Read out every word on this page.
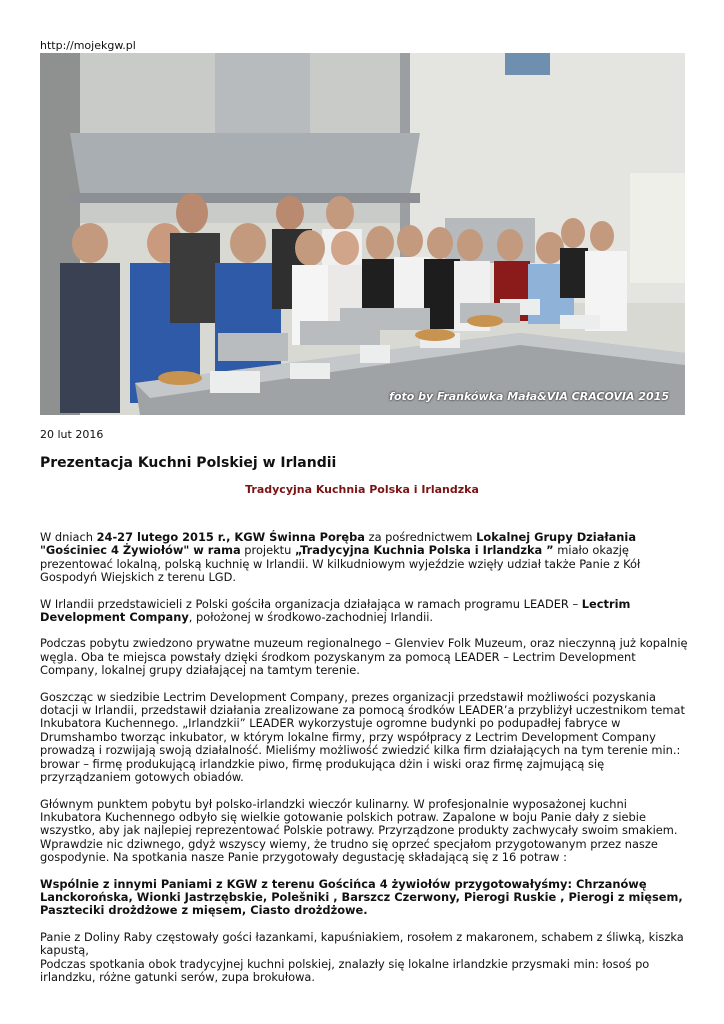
http://mojekgw.pl
foto by Frankówka Mała&VIA CRACOVIA 2015
20 lut 2016
Prezentacja Kuchni Polskiej w Irlandii
Tradycyjna Kuchnia Polska i Irlandzka

W dniach 24-27 lutego 2015 r., KGW Świnna Poręba za pośrednictwem Lokalnej Grupy Działania "Gościniec 4 Żywiołów" w rama projektu „Tradycyjna Kuchnia Polska i Irlandzka ” miało okazję prezentować lokalną, polską kuchnię w Irlandii. W kilkudniowym wyjeździe wzięły udział także Panie z Kół Gospodyń Wiejskich z terenu LGD.

W Irlandii przedstawicieli z Polski gościła organizacja działająca w ramach programu LEADER – Lectrim Development Company, położonej w środkowo-zachodniej Irlandii.

Podczas pobytu zwiedzono prywatne muzeum regionalnego – Glenviev Folk Muzeum, oraz nieczynną już kopalnię węgla. Oba te miejsca powstały dzięki środkom pozyskanym za pomocą LEADER – Lectrim Development Company, lokalnej grupy działającej na tamtym terenie.

Goszcząc w siedzibie Lectrim Development Company, prezes organizacji przedstawił możliwości pozyskania dotacji w Irlandii, przedstawił działania zrealizowane za pomocą środków LEADER’a przybliżył uczestnikom temat Inkubatora Kuchennego. „Irlandzkii” LEADER wykorzystuje ogromne budynki po podupadłej fabryce w Drumshambo tworząc inkubator, w którym lokalne firmy, przy współpracy z Lectrim Development Company prowadzą i rozwijają swoją działalność. Mieliśmy możliwość zwiedzić kilka firm działających na tym terenie min.: browar – firmę produkującą irlandzkie piwo, firmę produkująca dżin i wiski oraz firmę zajmującą się przyrządzaniem gotowych obiadów.

Głównym punktem pobytu był polsko-irlandzki wieczór kulinarny. W profesjonalnie wyposażonej kuchni Inkubatora Kuchennego odbyło się wielkie gotowanie polskich potraw. Zapalone w boju Panie dały z siebie wszystko, aby jak najlepiej reprezentować Polskie potrawy. Przyrządzone produkty zachwycały swoim smakiem. Wprawdzie nic dziwnego, gdyż wszyscy wiemy, że trudno się oprzeć specjałom przygotowanym przez nasze gospodynie. Na spotkania nasze Panie przygotowały degustację składającą się z 16 potraw :

Wspólnie z innymi Paniami z KGW z terenu Gościńca 4 żywiołów przygotowałyśmy: Chrzanówę Lanckorońska, Wionki Jastrzębskie, Polešniki , Barszcz Czerwony, Pierogi Ruskie , Pierogi z mięsem, Paszteciki drożdżowe z mięsem, Ciasto drożdżowe.

Panie z Doliny Raby częstowały gości łazankami, kapuśniakiem, rosołem z makaronem, schabem z śliwką, kiszka kapustą,
Podczas spotkania obok tradycyjnej kuchni polskiej, znalazły się lokalne irlandzkie przysmaki min: łosoś po irlandzku, różne gatunki serów, zupa brokułowa.
